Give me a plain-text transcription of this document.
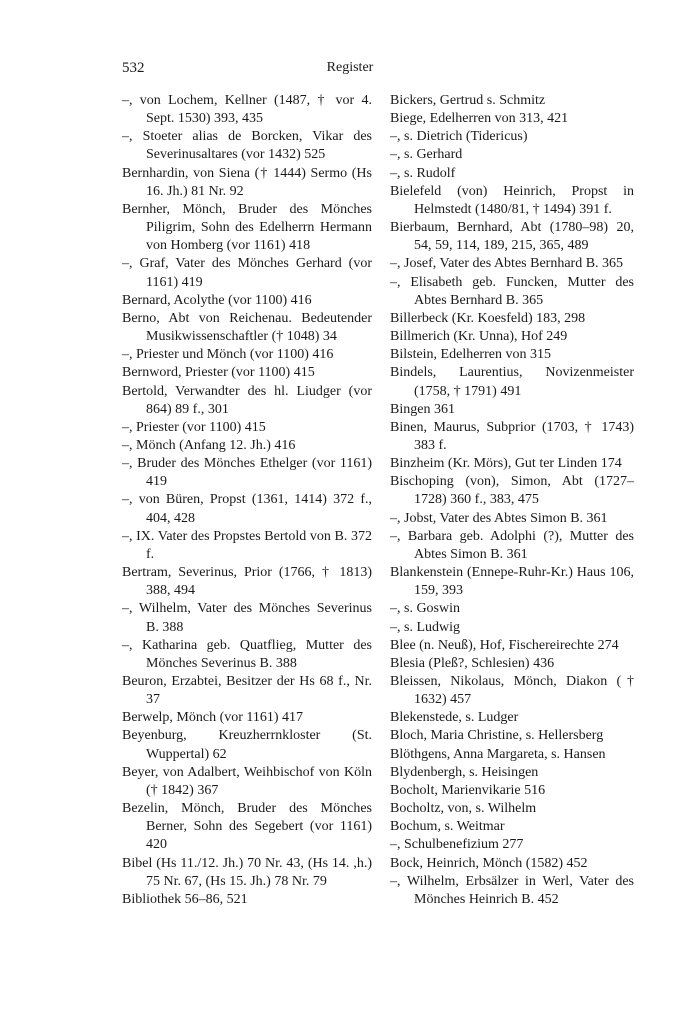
532	Register
–, von Lochem, Kellner (1487, † vor 4. Sept. 1530) 393, 435
–, Stoeter alias de Borcken, Vikar des Severinusaltares (vor 1432) 525
Bernhardin, von Siena († 1444) Sermo (Hs 16. Jh.) 81 Nr. 92
Bernher, Mönch, Bruder des Mönches Piligrim, Sohn des Edelherrn Hermann von Homberg (vor 1161) 418
–, Graf, Vater des Mönches Gerhard (vor 1161) 419
Bernard, Acolythe (vor 1100) 416
Berno, Abt von Reichenau. Bedeutender Musikwissenschaftler († 1048) 34
–, Priester und Mönch (vor 1100) 416
Bernword, Priester (vor 1100) 415
Bertold, Verwandter des hl. Liudger (vor 864) 89 f., 301
–, Priester (vor 1100) 415
–, Mönch (Anfang 12. Jh.) 416
–, Bruder des Mönches Ethelger (vor 1161) 419
–, von Büren, Propst (1361, 1414) 372 f., 404, 428
–, IX. Vater des Propstes Bertold von B. 372 f.
Bertram, Severinus, Prior (1766, † 1813) 388, 494
–, Wilhelm, Vater des Mönches Severinus B. 388
–, Katharina geb. Quatflieg, Mutter des Mönches Severinus B. 388
Beuron, Erzabtei, Besitzer der Hs 68 f., Nr. 37
Berwelp, Mönch (vor 1161) 417
Beyenburg, Kreuzherrnkloster (St. Wuppertal) 62
Beyer, von Adalbert, Weihbischof von Köln († 1842) 367
Bezelin, Mönch, Bruder des Mönches Berner, Sohn des Segebert (vor 1161) 420
Bibel (Hs 11./12. Jh.) 70 Nr. 43, (Hs 14. ,h.) 75 Nr. 67, (Hs 15. Jh.) 78 Nr. 79
Bibliothek 56–86, 521
Bickers, Gertrud s. Schmitz
Biege, Edelherren von 313, 421
–, s. Dietrich (Tidericus)
–, s. Gerhard
–, s. Rudolf
Bielefeld (von) Heinrich, Propst in Helmstedt (1480/81, † 1494) 391 f.
Bierbaum, Bernhard, Abt (1780–98) 20, 54, 59, 114, 189, 215, 365, 489
–, Josef, Vater des Abtes Bernhard B. 365
–, Elisabeth geb. Funcken, Mutter des Abtes Bernhard B. 365
Billerbeck (Kr. Koesfeld) 183, 298
Billmerich (Kr. Unna), Hof 249
Bilstein, Edelherren von 315
Bindels, Laurentius, Novizenmeister (1758, † 1791) 491
Bingen 361
Binen, Maurus, Subprior (1703, † 1743) 383 f.
Binzheim (Kr. Mörs), Gut ter Linden 174
Bischoping (von), Simon, Abt (1727–1728) 360 f., 383, 475
–, Jobst, Vater des Abtes Simon B. 361
–, Barbara geb. Adolphi (?), Mutter des Abtes Simon B. 361
Blankenstein (Ennepe-Ruhr-Kr.) Haus 106, 159, 393
–, s. Goswin
–, s. Ludwig
Blee (n. Neuß), Hof, Fischereirechte 274
Blesia (Pleß?, Schlesien) 436
Bleissen, Nikolaus, Mönch, Diakon († 1632) 457
Blekenstede, s. Ludger
Bloch, Maria Christine, s. Hellersberg
Blöthgens, Anna Margareta, s. Hansen
Blydenbergh, s. Heisingen
Bocholt, Marienvikarie 516
Bocholtz, von, s. Wilhelm
Bochum, s. Weitmar
–, Schulbenefizium 277
Bock, Heinrich, Mönch (1582) 452
–, Wilhelm, Erbsälzer in Werl, Vater des Mönches Heinrich B. 452
